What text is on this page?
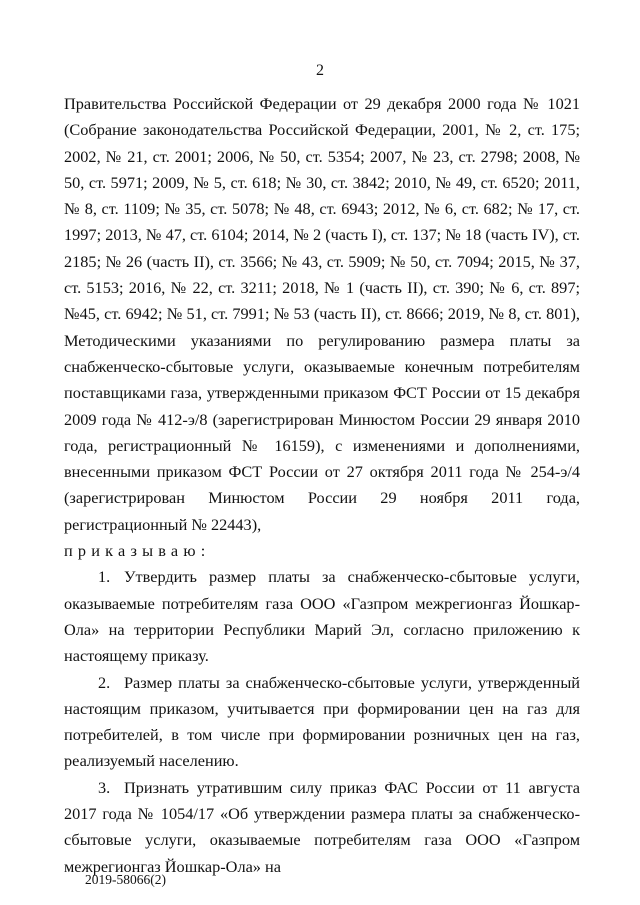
2

Правительства Российской Федерации от 29 декабря 2000 года № 1021 (Собрание законодательства Российской Федерации, 2001, № 2, ст. 175; 2002, № 21, ст. 2001; 2006, № 50, ст. 5354; 2007, № 23, ст. 2798; 2008, № 50, ст. 5971; 2009, № 5, ст. 618; № 30, ст. 3842; 2010, № 49, ст. 6520; 2011, № 8, ст. 1109; № 35, ст. 5078; № 48, ст. 6943; 2012, № 6, ст. 682; № 17, ст. 1997; 2013, № 47, ст. 6104; 2014, № 2 (часть I), ст. 137; № 18 (часть IV), ст. 2185; № 26 (часть II), ст. 3566; № 43, ст. 5909; № 50, ст. 7094; 2015, № 37, ст. 5153; 2016, № 22, ст. 3211; 2018, № 1 (часть II), ст. 390; № 6, ст. 897; №45, ст. 6942; № 51, ст. 7991; № 53 (часть II), ст. 8666; 2019, № 8, ст. 801), Методическими указаниями по регулированию размера платы за снабженческо-сбытовые услуги, оказываемые конечным потребителям поставщиками газа, утвержденными приказом ФСТ России от 15 декабря 2009 года № 412-э/8 (зарегистрирован Минюстом России 29 января 2010 года, регистрационный № 16159), с изменениями и дополнениями, внесенными приказом ФСТ России от 27 октября 2011 года № 254-э/4 (зарегистрирован Минюстом России 29 ноября 2011 года, регистрационный № 22443),

приказываю:

1. Утвердить размер платы за снабженческо-сбытовые услуги, оказываемые потребителям газа ООО «Газпром межрегионгаз Йошкар-Ола» на территории Республики Марий Эл, согласно приложению к настоящему приказу.

2. Размер платы за снабженческо-сбытовые услуги, утвержденный настоящим приказом, учитывается при формировании цен на газ для потребителей, в том числе при формировании розничных цен на газ, реализуемый населению.

3. Признать утратившим силу приказ ФАС России от 11 августа 2017 года № 1054/17 «Об утверждении размера платы за снабженческо-сбытовые услуги, оказываемые потребителям газа ООО «Газпром межрегионгаз Йошкар-Ола» на

2019-58066(2)
